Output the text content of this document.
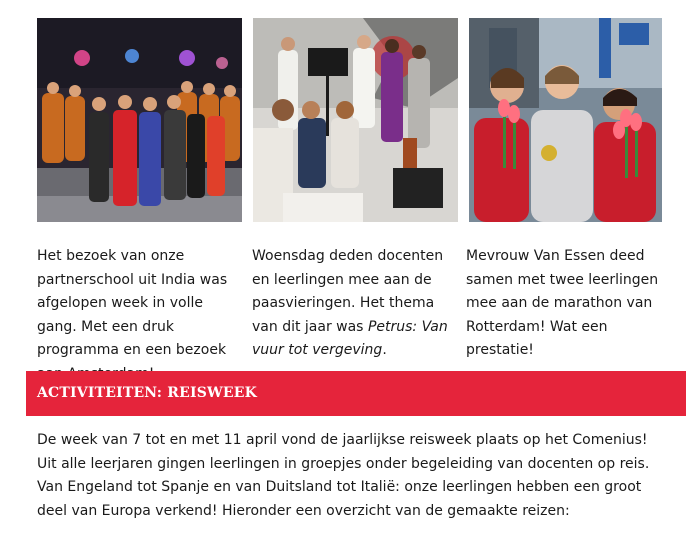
Het bezoek van onze partnerschool uit India was afgelopen week in volle gang. Met een druk programma en een bezoek

Woensdag deden docenten en leerlingen mee aan de paasvieringen. Het thema van dit jaar was Petrus: Van vuur tot vergeving.

Mevrouw Van Essen deed samen met twee leerlingen mee aan de marathon van Rotterdam! Wat een prestatie!

ACTIVITEITEN: REISWEEK

De week van 7 tot en met 11 april vond de jaarlijkse reisweek plaats op het Comenius! Uit alle leerjaren gingen leerlingen in groepjes onder begeleiding van docenten op reis. Van Engeland tot Spanje en van Duitsland tot Italië: onze leerlingen hebben een groot deel van Europa verkend! Hieronder een overzicht van de gemaakte reizen:
